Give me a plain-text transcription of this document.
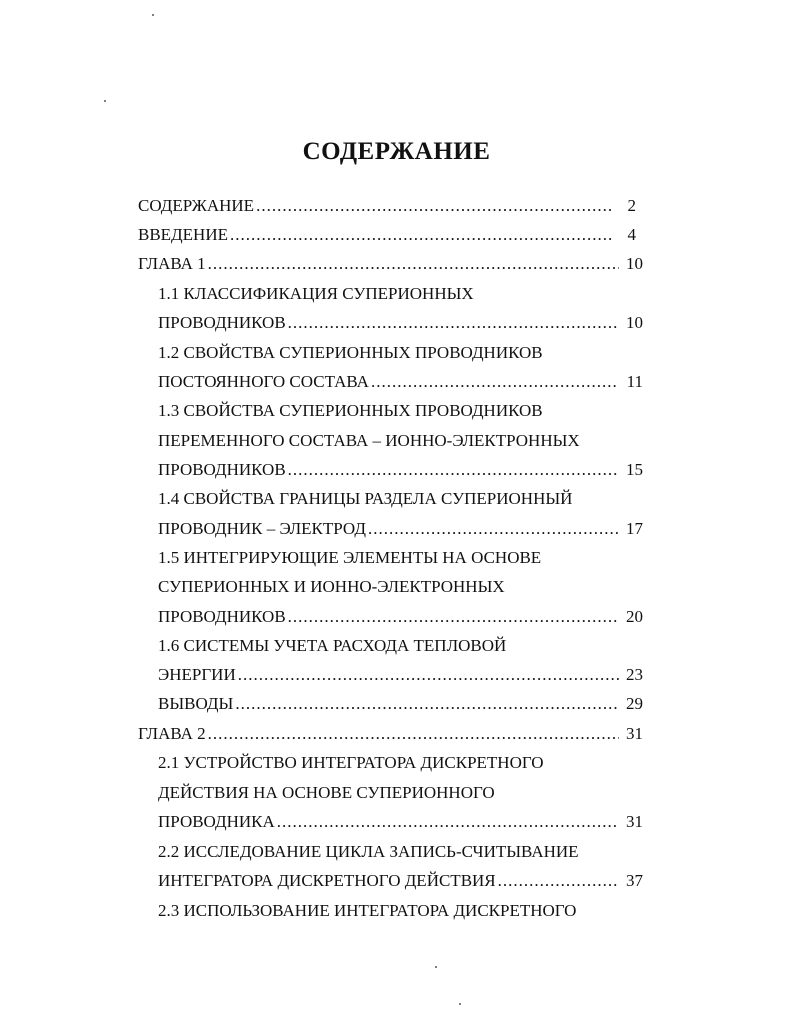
СОДЕРЖАНИЕ
СОДЕРЖАНИЕ .....	2
ВВЕДЕНИЕ .....	4
ГЛАВА 1 .....	10
1.1 КЛАССИФИКАЦИЯ СУПЕРИОННЫХ
ПРОВОДНИКОВ .....	10
1.2 СВОЙСТВА СУПЕРИОННЫХ ПРОВОДНИКОВ
ПОСТОЯННОГО СОСТАВА .....	11
1.3 СВОЙСТВА СУПЕРИОННЫХ ПРОВОДНИКОВ
ПЕРЕМЕННОГО СОСТАВА – ИОННО-ЭЛЕКТРОННЫХ
ПРОВОДНИКОВ .....	15
1.4 СВОЙСТВА ГРАНИЦЫ РАЗДЕЛА СУПЕРИОННЫЙ
ПРОВОДНИК – ЭЛЕКТРОД .....	17
1.5 ИНТЕГРИРУЮЩИЕ ЭЛЕМЕНТЫ НА ОСНОВЕ
СУПЕРИОННЫХ И ИОННО-ЭЛЕКТРОННЫХ
ПРОВОДНИКОВ .....	20
1.6 СИСТЕМЫ УЧЕТА РАСХОДА ТЕПЛОВОЙ
ЭНЕРГИИ .....	23
ВЫВОДЫ .....	29
ГЛАВА 2 .....	31
2.1 УСТРОЙСТВО ИНТЕГРАТОРА ДИСКРЕТНОГО
ДЕЙСТВИЯ НА ОСНОВЕ СУПЕРИОННОГО
ПРОВОДНИКА .....	31
2.2 ИССЛЕДОВАНИЕ ЦИКЛА ЗАПИСЬ-СЧИТЫВАНИЕ
ИНТЕГРАТОРА ДИСКРЕТНОГО ДЕЙСТВИЯ .....	37
2.3 ИСПОЛЬЗОВАНИЕ ИНТЕГРАТОРА ДИСКРЕТНОГО
